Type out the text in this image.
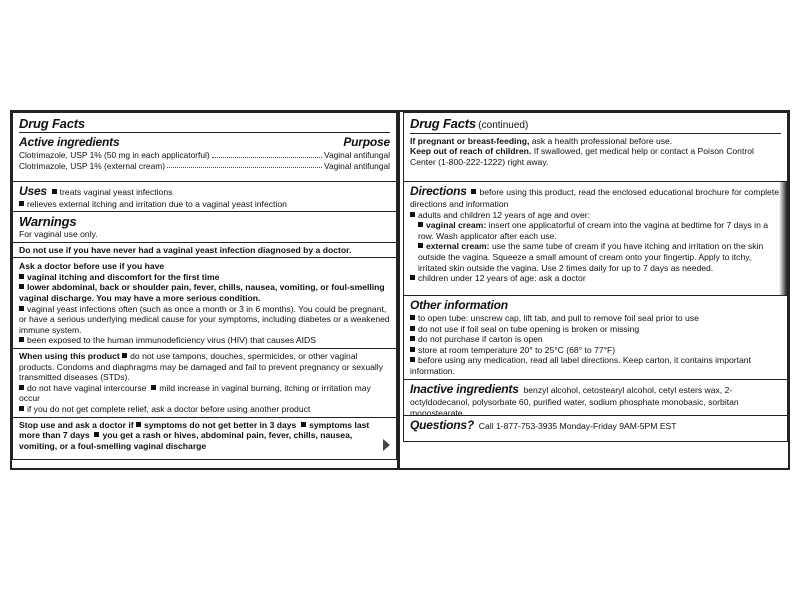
Drug Facts
Active ingredients	Purpose
Clotrimazole, USP 1% (50 mg in each applicatorful)	Vaginal antifungal
Clotrimazole, USP 1% (external cream)	Vaginal antifungal
Uses treats vaginal yeast infections
relieves external itching and irritation due to a vaginal yeast infection
Warnings
For vaginal use only.
Do not use if you have never had a vaginal yeast infection diagnosed by a doctor.
Ask a doctor before use if you have
vaginal itching and discomfort for the first time
lower abdominal, back or shoulder pain, fever, chills, nausea, vomiting, or foul-smelling vaginal discharge. You may have a more serious condition.
vaginal yeast infections often (such as once a month or 3 in 6 months). You could be pregnant, or have a serious underlying medical cause for your symptoms, including diabetes or a weakened immune system.
been exposed to the human immunodeficiency virus (HIV) that causes AIDS
When using this product do not use tampons, douches, spermicides, or other vaginal products. Condoms and diaphragms may be damaged and fail to prevent pregnancy or sexually transmitted diseases (STDs).
do not have vaginal intercourse mild increase in vaginal burning, itching or irritation may occur
if you do not get complete relief, ask a doctor before using another product
Stop use and ask a doctor if symptoms do not get better in 3 days symptoms last more than 7 days you get a rash or hives, abdominal pain, fever, chills, nausea, vomiting, or a foul-smelling vaginal discharge
Drug Facts (continued)
If pregnant or breast-feeding, ask a health professional before use.
Keep out of reach of children. If swallowed, get medical help or contact a Poison Control Center (1-800-222-1222) right away.
Directions before using this product, read the enclosed educational brochure for complete directions and information
adults and children 12 years of age and over:
vaginal cream: insert one applicatorful of cream into the vagina at bedtime for 7 days in a row. Wash applicator after each use.
external cream: use the same tube of cream if you have itching and irritation on the skin outside the vagina. Squeeze a small amount of cream onto your fingertip. Apply to itchy, irritated skin outside the vagina. Use 2 times daily for up to 7 days as needed.
children under 12 years of age: ask a doctor
Other information
to open tube: unscrew cap, lift tab, and pull to remove foil seal prior to use
do not use if foil seal on tube opening is broken or missing
do not purchase if carton is open
store at room temperature 20° to 25°C (68° to 77°F)
before using any medication, read all label directions. Keep carton, it contains important information.
Inactive ingredients benzyl alcohol, cetostearyl alcohol, cetyl esters wax, 2-octyldodecanol, polysorbate 60, purified water, sodium phosphate monobasic, sorbitan monostearate
Questions? Call 1-877-753-3935 Monday-Friday 9AM-5PM EST
